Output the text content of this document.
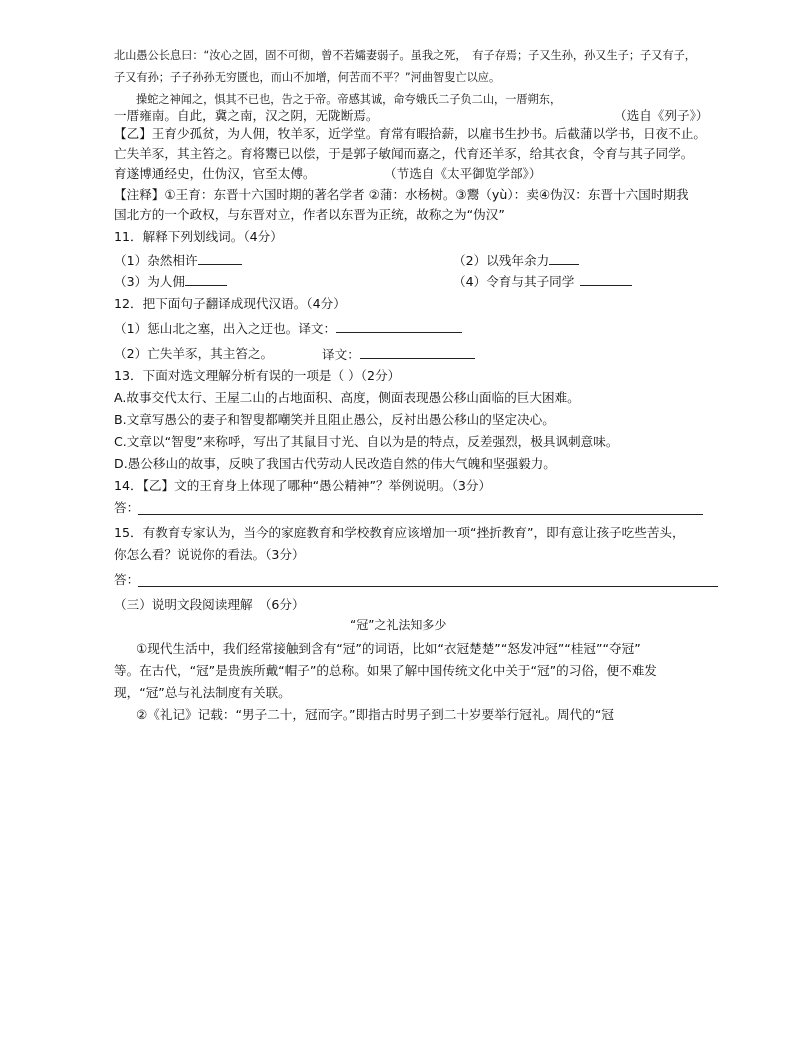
北山愚公长息曰：“汝心之固，固不可彻，曾不若孀妻弱子。虽我之死，　有子存焉；子又生孙，孙又生子；子又有子，
子又有孙；子子孙孙无穷匮也，而山不加增，何苦而不平？”河曲智叟亡以应。
操蛇之神闻之，惧其不已也，告之于帝。帝感其诚，命夸娥氏二子负二山，一厝朔东，
一厝雍南。自此，冀之南，汉之阴，无陇断焉。	（选自《列子》）
【乙】王育少孤贫，为人佣，牧羊豕，近学堂。育常有暇拾薪，以雇书生抄书。后截蒲以学书，日夜不止。
亡失羊豕，其主笞之。育将鬻已以偿，于是郭子敏闻而嘉之，代育还羊豕，给其衣食，令育与其子同学。
育遂博通经史，仕伪汉，官至太傅。	（节选自《太平御览学部》）
【注释】①王育：东晋十六国时期的著名学者 ②蒲：水杨树。③鬻（yù）：卖④伪汉：东晋十六国时期我
国北方的一个政权，与东晋对立，作者以东晋为正统，故称之为“伪汉”
11．解释下列划线词。（4分）
（1）杂然相许	（2）以残年余力
（3）为人佣	（4）令育与其子同学
12．把下面句子翻译成现代汉语。（4分）
（1）惩山北之塞，出入之迂也。译文：
（2）亡失羊豕，其主笞之。	译文：
13．下面对选文理解分析有误的一项是（ ）（2分）
A.故事交代太行、王屋二山的占地面积、高度，侧面表现愚公移山面临的巨大困难。
B.文章写愚公的妻子和智叟都嘲笑并且阻止愚公，反衬出愚公移山的坚定决心。
C.文章以“智叟”来称呼，写出了其鼠目寸光、自以为是的特点，反差强烈，极具讽刺意味。
D.愚公移山的故事，反映了我国古代劳动人民改造自然的伟大气魄和坚强毅力。
14．【乙】文的王育身上体现了哪种“愚公精神”？举例说明。（3分）
答：
15．有教育专家认为，当今的家庭教育和学校教育应该增加一项“挫折教育”，即有意让孩子吃些苦头，
你怎么看？说说你的看法。（3分）
答：
（三）说明文段阅读理解　（6分）
“冠”之礼法知多少
①现代生活中，我们经常接触到含有“冠”的词语，比如“衣冠楚楚”“怒发冲冠”“桂冠”“夺冠”
等。在古代，“冠”是贵族所戴“帽子”的总称。如果了解中国传统文化中关于“冠”的习俗，便不难发
现，“冠”总与礼法制度有关联。
②《礼记》记载：“男子二十，冠而字。”即指古时男子到二十岁要举行冠礼。周代的“冠
